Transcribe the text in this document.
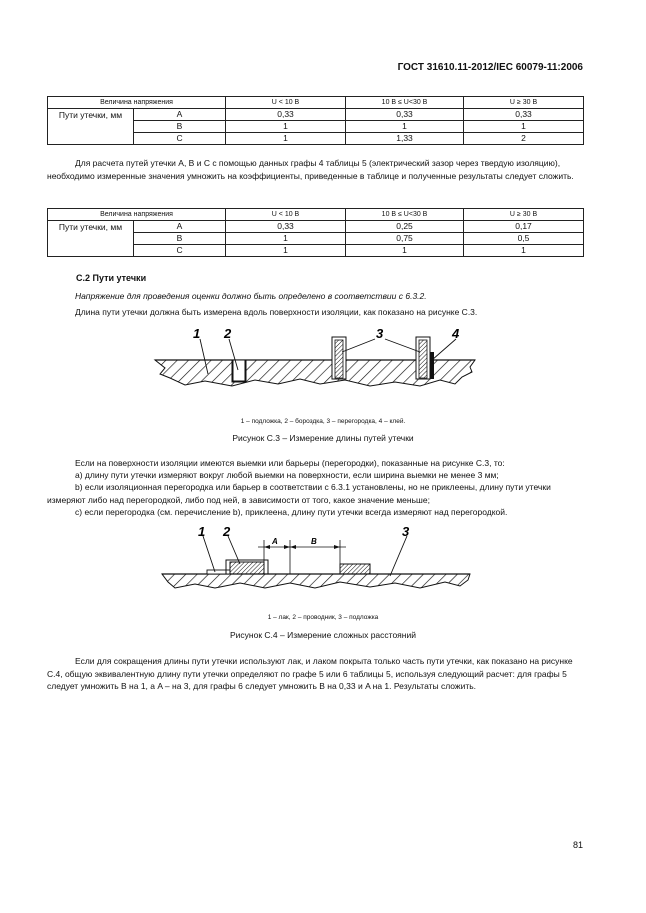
ГОСТ 31610.11-2012/IEC 60079-11:2006
Величина напряжения		U < 10 В	10 В ≤ U<30 В	U ≥ 30 В
Пути утечки, мм	A	0,33	0,33	0,33
	B	1	1	1
	C	1	1,33	2
Для расчета путей утечки A, B и C с помощью данных графы 4 таблицы 5 (электрический зазор через твердую изоляцию), необходимо измеренные значения умножить на коэффициенты, приведенные в таблице и полученные результаты следует сложить.
Величина напряжения		U < 10 В	10 В ≤ U<30 В	U ≥ 30 В
Пути утечки, мм	A	0,33	0,25	0,17
	B	1	0,75	0,5
	C	1	1	1
С.2 Пути утечки
Напряжение для проведения оценки должно быть определено в соответствии с 6.3.2.
Длина пути утечки должна быть измерена вдоль поверхности изоляции, как показано на рисунке С.3.
1 2	3	4
1 – подложка, 2 – бороздка, 3 – перегородка, 4 – клей.
Рисунок С.3 – Измерение длины путей утечки
Если на поверхности изоляции имеются выемки или барьеры (перегородки), показанные на рисунке С.3, то:
а) длину пути утечки измеряют вокруг любой выемки на поверхности, если ширина выемки не менее 3 мм;
b) если изоляционная перегородка или барьер в соответствии с 6.3.1 установлены, но не приклеены, длину пути утечки измеряют либо над перегородкой, либо под ней, в зависимости от того, какое значение меньше;
с) если перегородка (см. перечисление b), приклеена, длину пути утечки всегда измеряют над перегородкой.
1 2	3
A	B
1 – лак, 2 – проводник, 3 – подложка
Рисунок С.4 – Измерение сложных расстояний
Если для сокращения длины пути утечки используют лак, и лаком покрыта только часть пути утечки, как показано на рисунке С.4, общую эквивалентную длину пути утечки определяют по графе 5 или 6 таблицы 5, используя следующий расчет: для графы 5 следует умножить B на 1, а A – на 3, для графы 6 следует умножить B на 0,33 и A на 1. Результаты сложить.
81
